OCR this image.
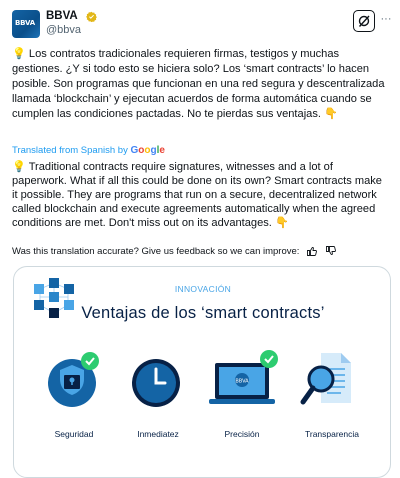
BBVA
BBVA
@bbva
···
💡 Los contratos tradicionales requieren firmas, testigos y muchas gestiones. ¿Y si todo esto se hiciera solo? Los ‘smart contracts’ lo hacen posible. Son programas que funcionan en una red segura y descentralizada llamada ‘blockchain’ y ejecutan acuerdos de forma automática cuando se cumplen las condiciones pactadas. No te pierdas sus ventajas. 👇
Translated from Spanish by Google
💡 Traditional contracts require signatures, witnesses and a lot of paperwork. What if all this could be done on its own? Smart contracts make it possible. They are programs that run on a secure, decentralized network called blockchain and execute agreements automatically when the agreed conditions are met. Don't miss out on its advantages. 👇
Was this translation accurate? Give us feedback so we can improve:
INNOVACIÓN
Ventajas de los ‘smart contracts’
Seguridad	Inmediatez
BBVA
Precisión	Transparencia
